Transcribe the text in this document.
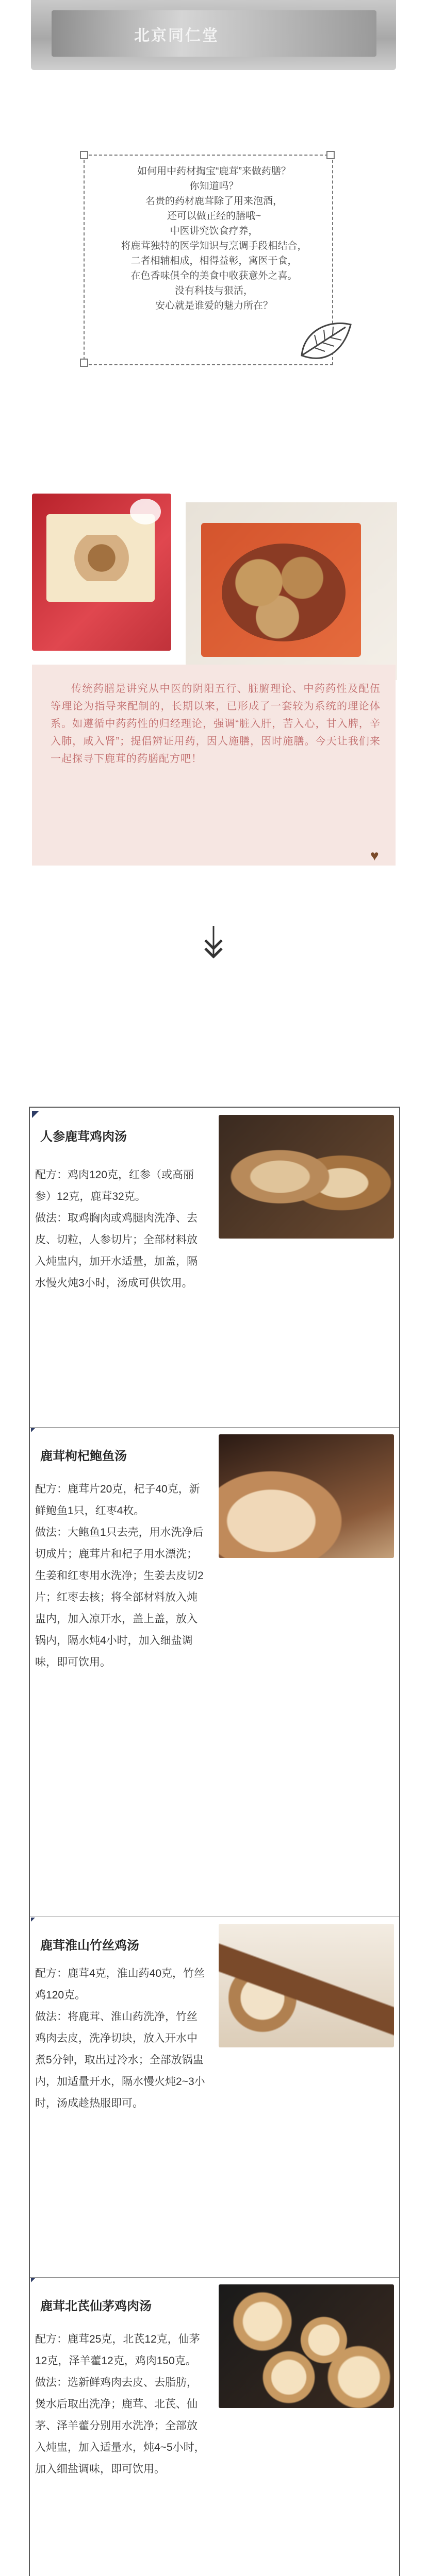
北京同仁堂
如何用中药材掏宝“鹿茸”来做药膳？
你知道吗？
名贵的药材鹿茸除了用来泡酒，
还可以做正经的膳哦~
中医讲究饮食疗养，
将鹿茸独特的医学知识与烹调手段相结合，
二者相辅相成，相得益彰，寓医于食，
在色香味俱全的美食中收获意外之喜。
没有科技与狠活，
安心就是谁爱的魅力所在？
传统药膳是讲究从中医的阴阳五行、脏腑理论、中药药性及配伍等理论为指导来配制的，长期以来，已形成了一套较为系统的理论体系。如遵循中药药性的归经理论，强调“脏入肝，苦入心，甘入脾，辛入肺，咸入肾”；提倡辨证用药，因人施膳，因时施膳。今天让我们来一起探寻下鹿茸的药膳配方吧！
♥
人参鹿茸鸡肉汤
配方：鸡肉120克，红参（或高丽参）12克，鹿茸32克。
做法：取鸡胸肉或鸡腿肉洗净、去皮、切粒，人参切片；全部材料放入炖盅内，加开水适量，加盖，隔水慢火炖3小时，汤成可供饮用。
鹿茸枸杞鲍鱼汤
配方：鹿茸片20克，杞子40克，新鲜鲍鱼1只，红枣4枚。
做法：大鲍鱼1只去壳，用水洗净后切成片；鹿茸片和杞子用水漂洗；生姜和红枣用水洗净；生姜去皮切2片；红枣去核；将全部材料放入炖盅内，加入凉开水，盖上盖，放入锅内，隔水炖4小时，加入细盐调味，即可饮用。
鹿茸淮山竹丝鸡汤
配方：鹿茸4克，淮山药40克，竹丝鸡120克。
做法：将鹿茸、淮山药洗净，竹丝鸡肉去皮，洗净切块，放入开水中煮5分钟，取出过冷水；全部放锅盅内，加适量开水，隔水慢火炖2~3小时，汤成趁热服即可。
鹿茸北芪仙茅鸡肉汤
配方：鹿茸25克，北芪12克，仙茅12克，泽羊藿12克，鸡肉150克。
做法：选新鲜鸡肉去皮、去脂肪，煲水后取出洗净；鹿茸、北芪、仙茅、泽羊藿分别用水洗净；全部放入炖盅，加入适量水，炖4~5小时，加入细盐调味，即可饮用。
